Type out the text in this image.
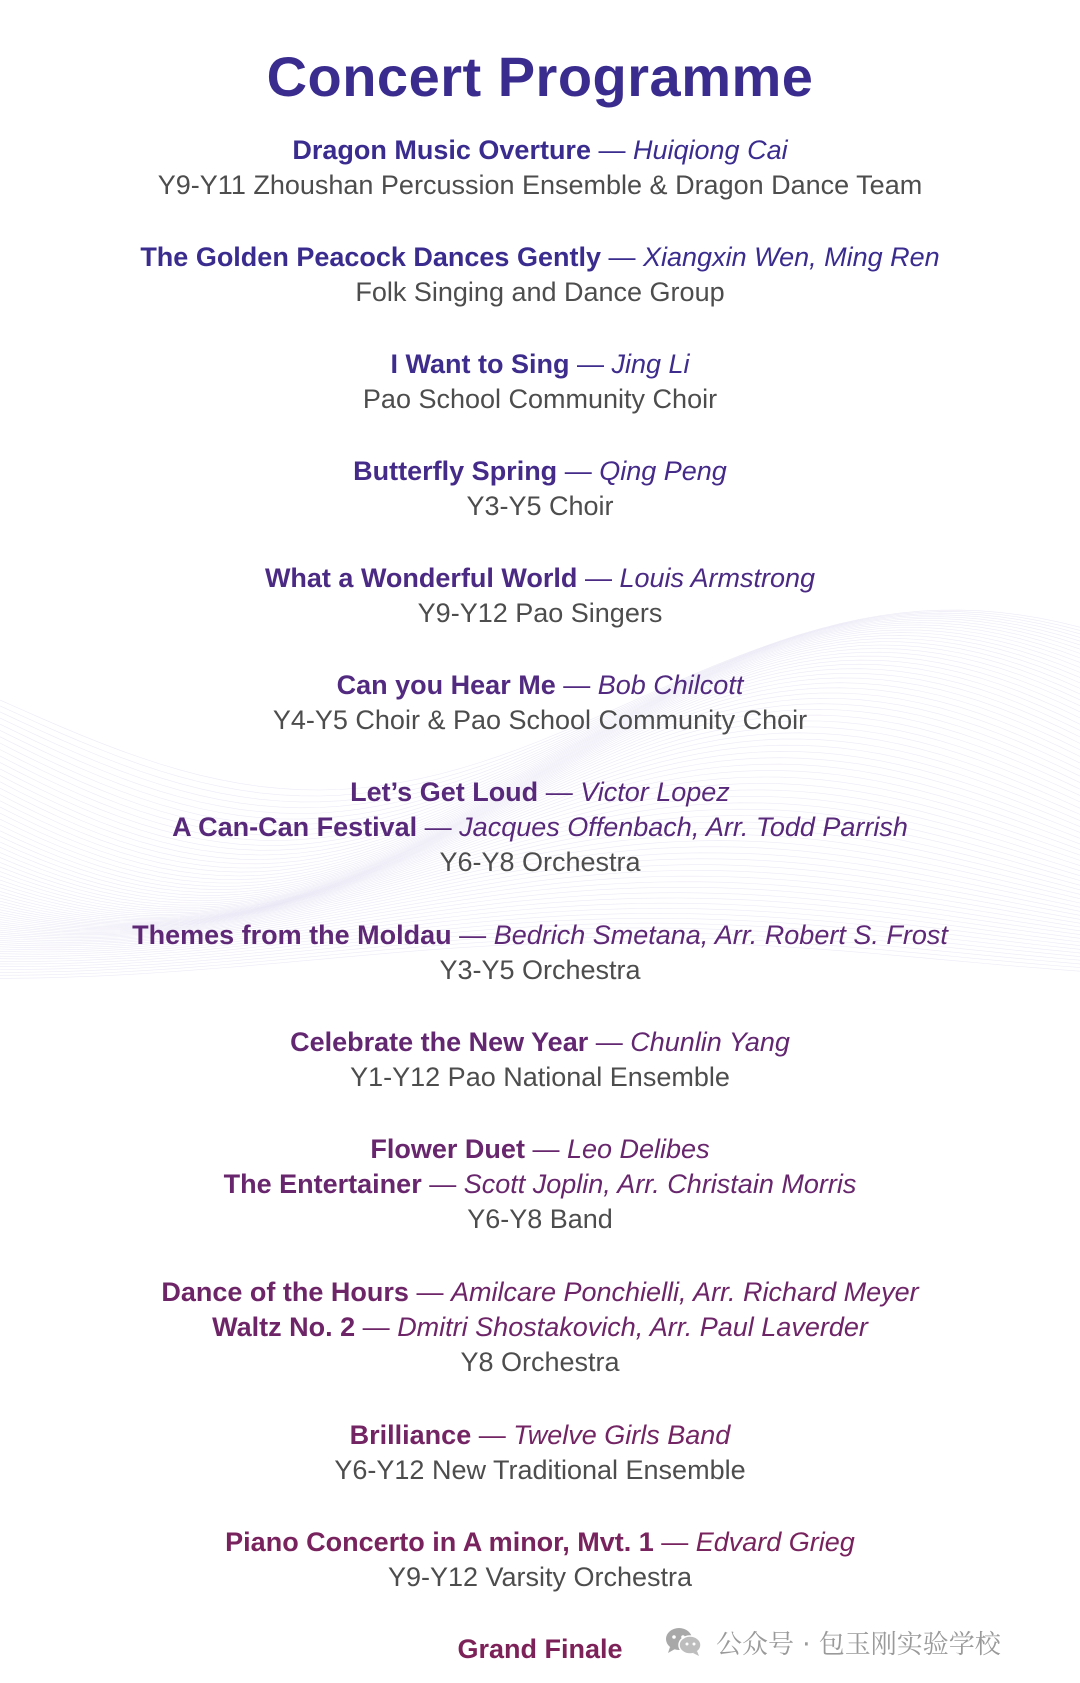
Concert Programme
Dragon Music Overture — Huiqiong Cai
Y9-Y11 Zhoushan Percussion Ensemble & Dragon Dance Team
The Golden Peacock Dances Gently — Xiangxin Wen, Ming Ren
Folk Singing and Dance Group
I Want to Sing — Jing Li
Pao School Community Choir
Butterfly Spring — Qing Peng
Y3-Y5 Choir
What a Wonderful World — Louis Armstrong
Y9-Y12 Pao Singers
Can you Hear Me — Bob Chilcott
Y4-Y5 Choir & Pao School Community Choir
Let’s Get Loud — Victor Lopez
A Can-Can Festival — Jacques Offenbach, Arr. Todd Parrish
Y6-Y8 Orchestra
Themes from the Moldau — Bedrich Smetana, Arr. Robert S. Frost
Y3-Y5 Orchestra
Celebrate the New Year — Chunlin Yang
Y1-Y12 Pao National Ensemble
Flower Duet — Leo Delibes
The Entertainer — Scott Joplin, Arr. Christain Morris
Y6-Y8 Band
Dance of the Hours — Amilcare Ponchielli, Arr. Richard Meyer
Waltz No. 2 — Dmitri Shostakovich, Arr. Paul Laverder
Y8 Orchestra
Brilliance — Twelve Girls Band
Y6-Y12 New Traditional Ensemble
Piano Concerto in A minor, Mvt. 1 — Edvard Grieg
Y9-Y12 Varsity Orchestra
Grand Finale	公众号 · 包玉刚实验学校
